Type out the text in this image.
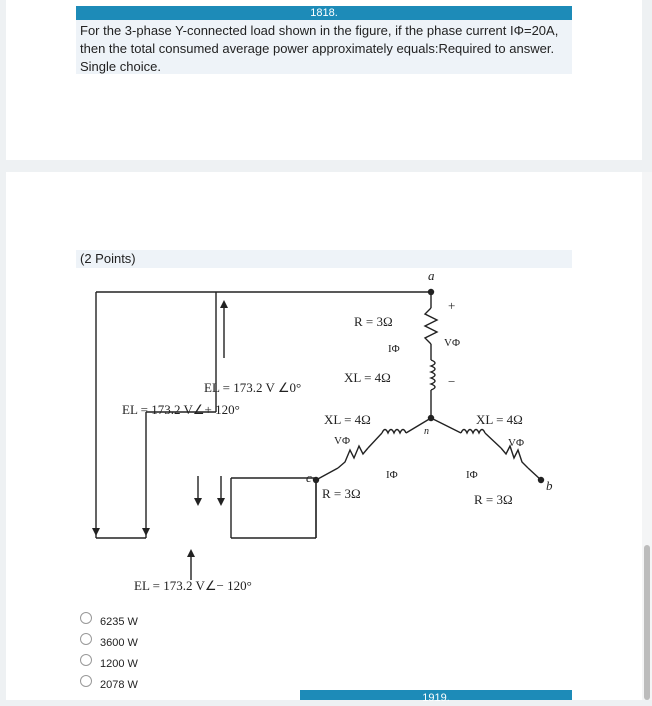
1818.
For the 3-phase Y-connected load shown in the figure, if the phase current IΦ=20A, then the total consumed average power approximately equals:Required to answer. Single choice.
(2 Points)
a
b
c
n
R = 3Ω
XL = 4Ω
IΦ	VΦ
+
−
XL = 4Ω
VΦ
R = 3Ω
IΦ
XL = 4Ω
VΦ
R = 3Ω
IΦ
EL = 173.2 V ∠0°
EL = 173.2 V∠+ 120°
EL = 173.2 V∠− 120°
6235 W
3600 W
1200 W
2078 W
1919.
